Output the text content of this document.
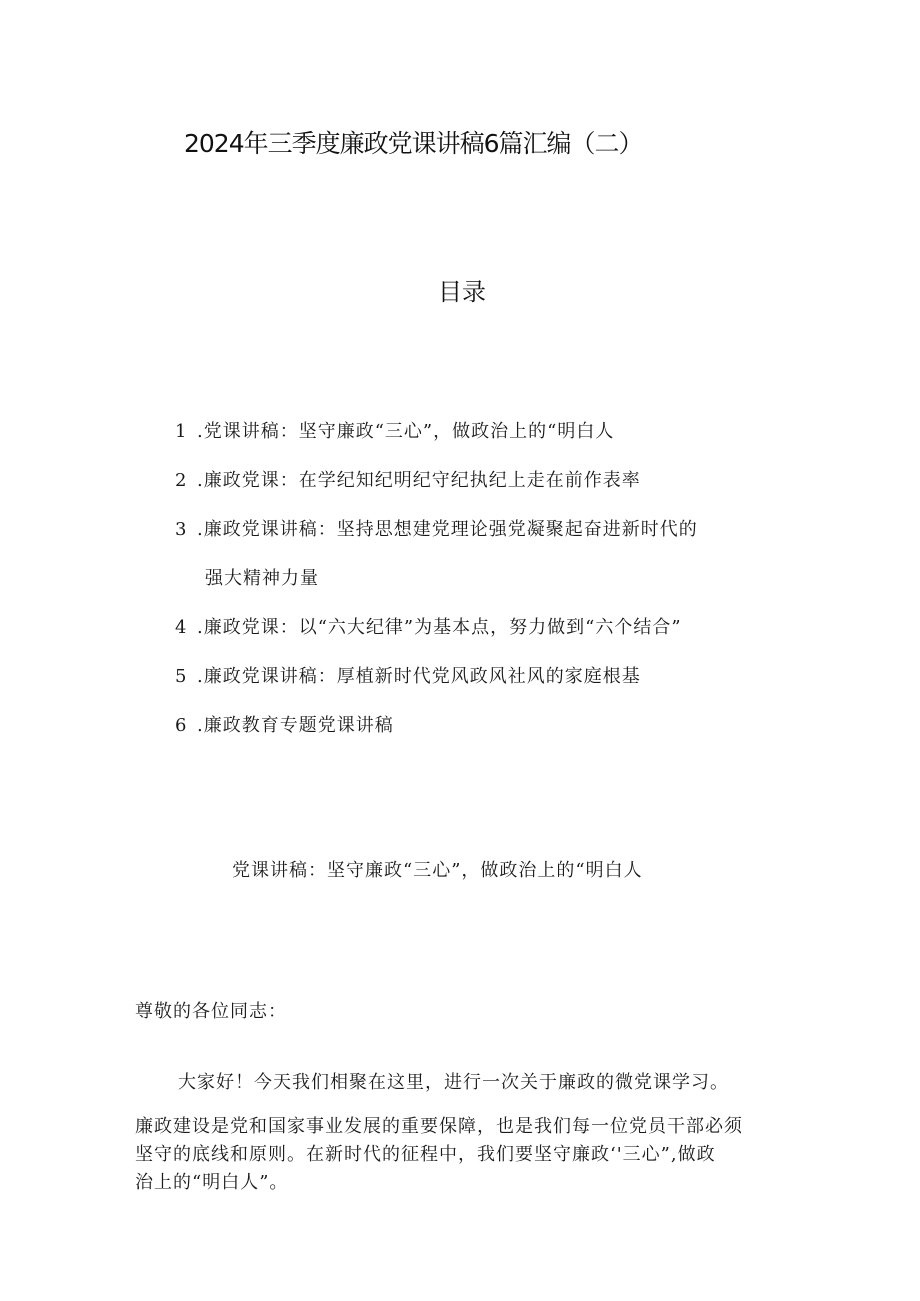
2024年三季度廉政党课讲稿6篇汇编（二）
目录
1 .党课讲稿：坚守廉政“三心”，做政治上的“明白人
2 .廉政党课：在学纪知纪明纪守纪执纪上走在前作表率
3 .廉政党课讲稿：坚持思想建党理论强党凝聚起奋进新时代的
强大精神力量
4 .廉政党课：以“六大纪律”为基本点，努力做到“六个结合”
5 .廉政党课讲稿：厚植新时代党风政风社风的家庭根基
6 .廉政教育专题党课讲稿
党课讲稿：坚守廉政“三心”，做政治上的“明白人
尊敬的各位同志：
大家好！今天我们相聚在这里，进行一次关于廉政的微党课学习。
廉政建设是党和国家事业发展的重要保障，也是我们每一位党员干部必须
坚守的底线和原则。在新时代的征程中，我们要坚守廉政‘'三心”,做政
治上的“明白人”。
